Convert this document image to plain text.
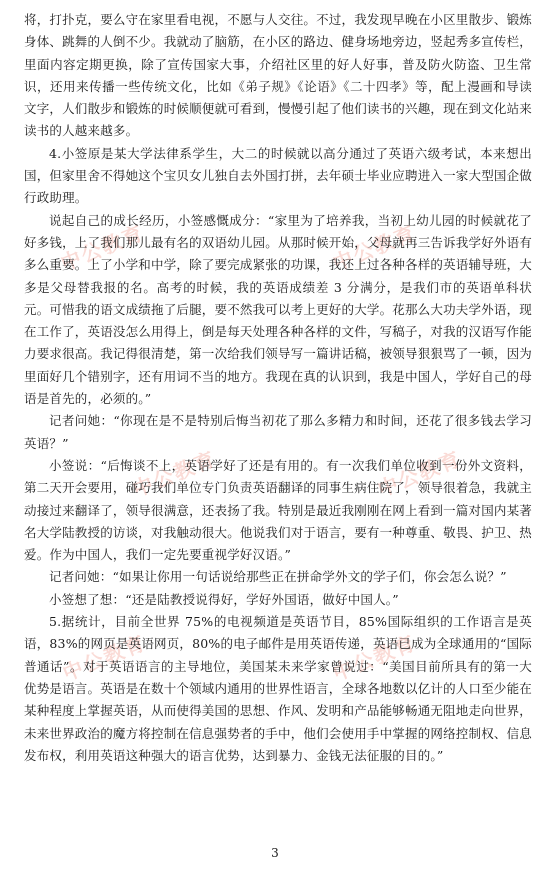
中公教育	中公教育
中公教育	中公教育
中公教育	中公教育

将，打扑克，要么守在家里看电视，不愿与人交往。不过，我发现早晚在小区里散步、锻炼身体、跳舞的人倒不少。我就动了脑筋，在小区的路边、健身场地旁边，竖起秀多宣传栏，里面内容定期更换，除了宣传国家大事，介绍社区里的好人好事，普及防火防盗、卫生常识，还用来传播一些传统文化，比如《弟子规》《论语》《二十四孝》等，配上漫画和导读文字，人们散步和锻炼的时候顺便就可看到，慢慢引起了他们读书的兴趣，现在到文化站来读书的人越来越多。

4.小签原是某大学法律系学生，大二的时候就以高分通过了英语六级考试，本来想出国，但家里舍不得她这个宝贝女儿独自去外国打拼，去年硕士毕业应聘进入一家大型国企做行政助理。

说起自己的成长经历，小签感慨成分：“家里为了培养我，当初上幼儿园的时候就花了好多钱，上了我们那儿最有名的双语幼儿园。从那时候开始，父母就再三告诉我学好外语有多么重要。上了小学和中学，除了要完成紧张的功课，我还上过各种各样的英语辅导班，大多是父母替我报的名。高考的时候，我的英语成绩差 3 分满分，是我们市的英语单科状元。可惜我的语文成绩拖了后腿，要不然我可以考上更好的大学。花那么大功夫学外语，现在工作了，英语没怎么用得上，倒是每天处理各种各样的文件，写稿子，对我的汉语写作能力要求很高。我记得很清楚，第一次给我们领导写一篇讲话稿，被领导狠狠骂了一顿，因为里面好几个错别字，还有用词不当的地方。我现在真的认识到，我是中国人，学好自己的母语是首先的，必须的。”

记者问她：“你现在是不是特别后悔当初花了那么多精力和时间，还花了很多钱去学习英语？”

小签说：“后悔谈不上，英语学好了还是有用的。有一次我们单位收到一份外文资料，第二天开会要用，碰巧我们单位专门负责英语翻译的同事生病住院了，领导很着急，我就主动接过来翻译了，领导很满意，还表扬了我。特别是最近我刚刚在网上看到一篇对国内某著名大学陆教授的访谈，对我触动很大。他说我们对于语言，要有一种尊重、敬畏、护卫、热爱。作为中国人，我们一定先要重视学好汉语。”

记者问她：“如果让你用一句话说给那些正在拼命学外文的学子们，你会怎么说？”

小签想了想：“还是陆教授说得好，学好外国语，做好中国人。”

5.据统计，目前全世界 75%的电视频道是英语节目，85%国际组织的工作语言是英语，83%的网页是英语网页，80%的电子邮件是用英语传递，英语已成为全球通用的“国际普通话”。对于英语语言的主导地位，美国某未来学家曾说过：“美国目前所具有的第一大优势是语言。英语是在数十个领域内通用的世界性语言，全球各地数以亿计的人口至少能在某种程度上掌握英语，从而使得美国的思想、作风、发明和产品能够畅通无阻地走向世界，未来世界政治的魔方将控制在信息强势者的手中，他们会使用手中掌握的网络控制权、信息发布权，利用英语这种强大的语言优势，达到暴力、金钱无法征服的目的。”

3
